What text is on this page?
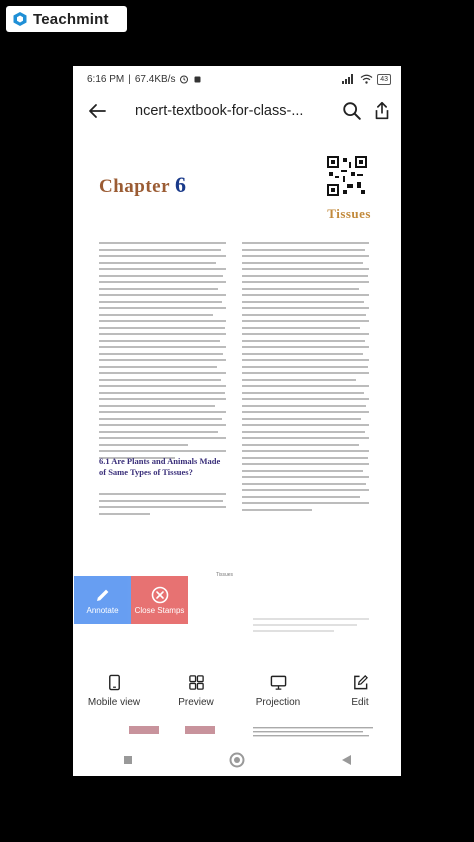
Teachmint
6:16 PM | 67.4KB/s	43
ncert-textbook-for-class-...
Chapter 6
Tissues
6.1 Are Plants and Animals Made of Same Types of Tissues?
Tissues
Annotate Close Stamps
Mobile view	Preview	Projection	Edit
